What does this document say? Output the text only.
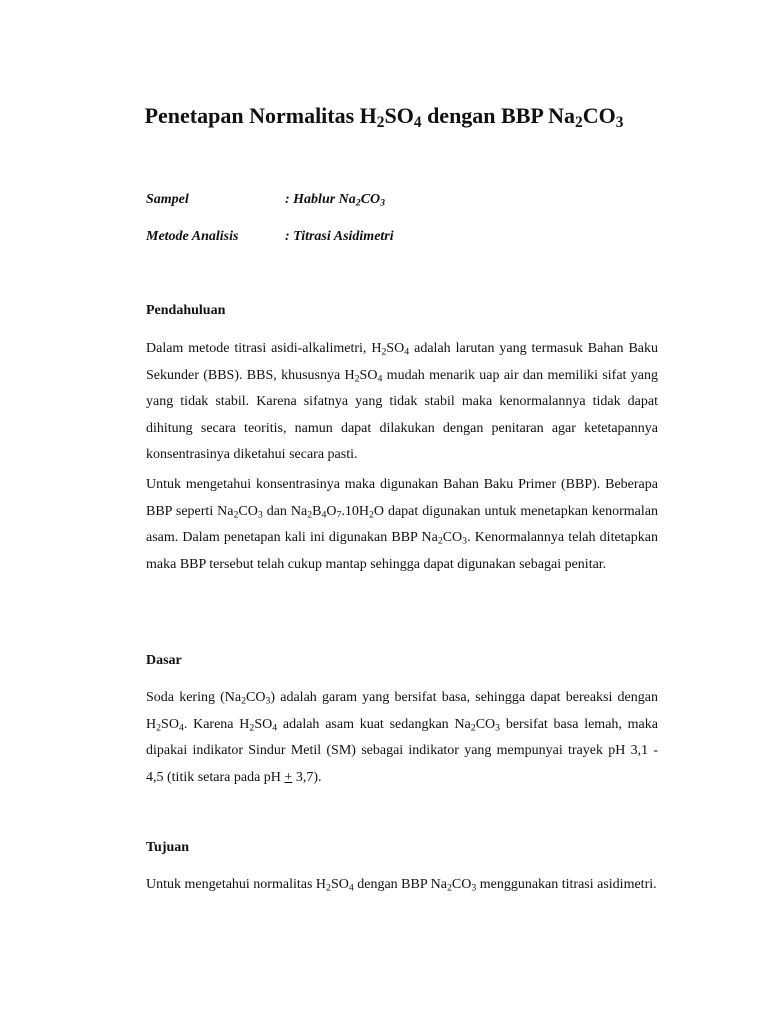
Penetapan Normalitas $H_2SO_4$ dengan BBP $Na_2CO_3$
Sampel	: Hablur $Na_2CO_3$
Metode Analisis	: Titrasi Asidimetri
Pendahuluan

Dalam metode titrasi asidi-alkalimetri, $H_2SO_4$ adalah larutan yang termasuk Bahan Baku Sekunder (BBS). BBS, khususnya $H_2SO_4$ mudah menarik uap air dan memiliki sifat yang yang tidak stabil. Karena sifatnya yang tidak stabil maka kenormalannya tidak dapat dihitung secara teoritis, namun dapat dilakukan dengan penitaran agar ketetapannya konsentrasinya diketahui secara pasti.

Untuk mengetahui konsentrasinya maka digunakan Bahan Baku Primer (BBP). Beberapa BBP seperti $Na_2CO_3$ dan $Na_2B_4O_7.10H_2O$ dapat digunakan untuk menetapkan kenormalan asam. Dalam penetapan kali ini digunakan BBP $Na_2CO_3$. Kenormalannya telah ditetapkan maka BBP tersebut telah cukup mantap sehingga dapat digunakan sebagai penitar.

Dasar

Soda kering $(Na_2CO_3)$ adalah garam yang bersifat basa, sehingga dapat bereaksi dengan $H_2SO_4$. Karena $H_2SO_4$ adalah asam kuat sedangkan $Na_2CO_3$ bersifat basa lemah, maka dipakai indikator Sindur Metil (SM) sebagai indikator yang mempunyai trayek pH 3,1 - 4,5 (titik setara pada pH + 3,7).

Tujuan

Untuk mengetahui normalitas $H_2SO_4$ dengan BBP $Na_2CO_3$ menggunakan titrasi asidimetri.
